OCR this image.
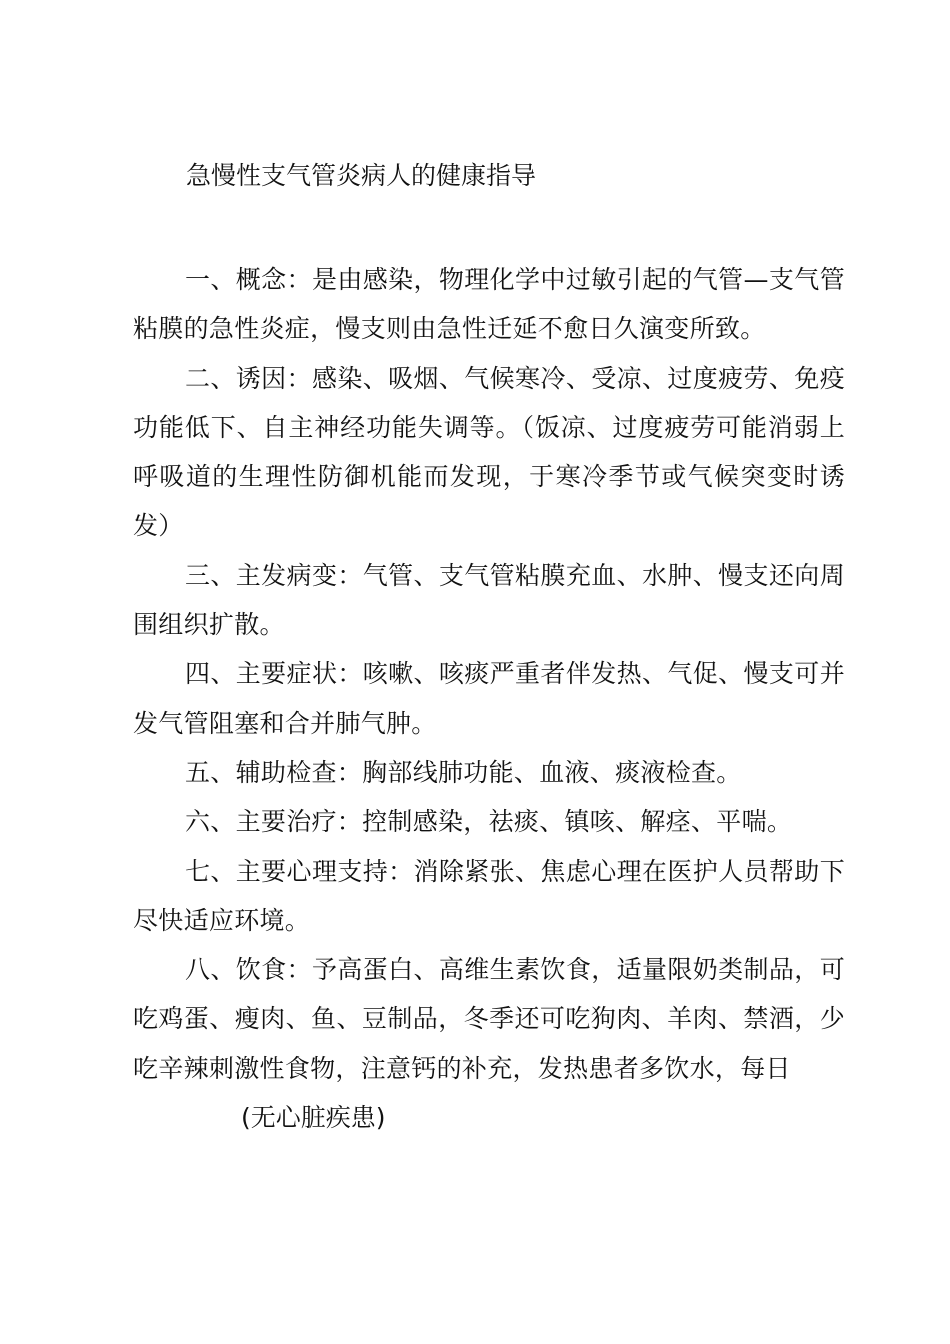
急慢性支气管炎病人的健康指导

一、概念：是由感染，物理化学中过敏引起的气管—支气管粘膜的急性炎症，慢支则由急性迁延不愈日久演变所致。

二、诱因：感染、吸烟、气候寒冷、受凉、过度疲劳、免疫功能低下、自主神经功能失调等。（饭凉、过度疲劳可能消弱上呼吸道的生理性防御机能而发现，于寒冷季节或气候突变时诱发）

三、主发病变：气管、支气管粘膜充血、水肿、慢支还向周围组织扩散。

四、主要症状：咳嗽、咳痰严重者伴发热、气促、慢支可并发气管阻塞和合并肺气肿。

五、辅助检查：胸部线肺功能、血液、痰液检查。

六、主要治疗：控制感染，祛痰、镇咳、解痉、平喘。

七、主要心理支持：消除紧张、焦虑心理在医护人员帮助下尽快适应环境。

八、饮食：予高蛋白、高维生素饮食，适量限奶类制品，可吃鸡蛋、瘦肉、鱼、豆制品，冬季还可吃狗肉、羊肉、禁酒，少吃辛辣刺激性食物，注意钙的补充，发热患者多饮水，每日

(无心脏疾患)
